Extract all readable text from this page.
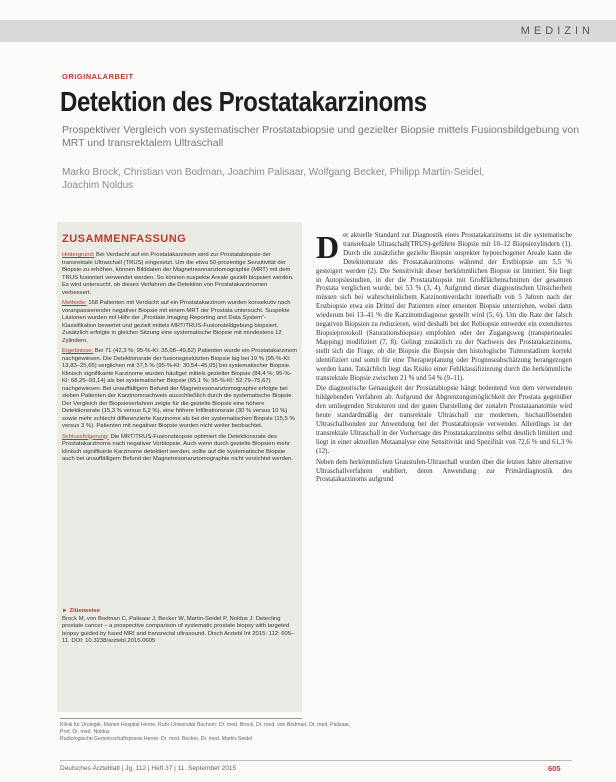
MEDIZIN
ORIGINALARBEIT
Detektion des Prostatakarzinoms
Prospektiver Vergleich von systematischer Prostatabiopsie und gezielter Biopsie mittels Fusionsbildgebung von MRT und transrektalem Ultraschall
Marko Brock, Christian von Bodman, Joachim Palisaar, Wolfgang Becker, Philipp Martin-Seidel, Joachim Noldus
ZUSAMMENFASSUNG

Hintergrund: Bei Verdacht auf ein Prostatakarzinom wird zur Prostatabiopsie der transrektale Ultraschall (TRUS) eingesetzt. Um die etwa 50-prozentige Sensitivität der Biopsie zu erhöhen, können Bilddaten der Magnetresonanztomographie (MRT) mit dem TRUS fusioniert verwendet werden. So können suspekte Areale gezielt biopsiert werden. Es wird untersucht, ob dieses Verfahren die Detektion von Prostatakarzinomen verbessert.

Methode: 168 Patienten mit Verdacht auf ein Prostatakarzinom wurden konsekutiv nach voranpassierender negativer Biopsie mit einem MRT der Prostata untersucht. Suspekte Läsionen wurden mit Hilfe der „Prostate Imaging Reporting and Data System“-Klassifikation bewertet und gezielt mittels MRT/TRUS-Fusionsbildgebung biopsiert. Zusätzlich erfolgte in gleicher Sitzung eine systematische Biopsie mit mindestens 12 Zylindern.

Ergebnisse: Bei 71 (42,3 %; 95-%-KI: 35,08–49,82) Patienten wurde ein Prostatakarzinom nachgewiesen. Die Detektionsrate der fusionsgestützten Biopsie lag bei 19 % (95-%-KI: 13,83–25,65) verglichen mit 37,5 % (95-%-KI: 30,54–45,05) bei systematischer Biopsie. Klinisch signifikante Karzinome wurden häufiger mittels gezielter Biopsie (84,4 %; 95-%-KI: 68,25–93,14) als bei systematischer Biopsie (65,1 %; 95-%-KI: 52,79–75,67) nachgewiesen. Bei unauffälligem Befund der Magnetresonanztomographie erfolgte bei sieben Patienten der Karzinomnachweis ausschließlich durch die systematische Biopsie. Der Vergleich der Biopsieverfahren zeigte für die gezielte Biopsie eine höhere Detektionsrate (15,3 % versus 6,2 %), eine höhere Infiltrationsrate (30 % versus 10 %) sowie mehr schlecht differenzierte Karzinome als bei der systematischen Biopsie (15,5 % versus 3 %). Patienten mit negativer Biopsie wurden nicht weiter beobachtet.

Schlussfolgerung: Die MRT/TRUS-Fusionsbiopsie optimiert die Detektionsrate des Prostatakarzinoms nach negativer Vorbiopsie. Auch wenn durch gezielte Biopsien mehr klinisch signifikante Karzinome detektiert werden, sollte auf die systematische Biopsie auch bei unauffälligem Befund der Magnetresonanztomographie nicht verzichtet werden.

► Zitierweise
Brock M, von Bodman C, Palisaar J, Becker W, Martin-Seidel P, Noldus J: Detecting prostate cancer – a prospective comparison of systematic prostate biopsy with targeted biopsy guided by fused MRI and transrectal ultrasound. Dtsch Arztebl Int 2015; 112: 605–11. DOI: 10.3238/arztebl.2015.0605

Der aktuelle Standard zur Diagnostik eines Prostatakarzinoms ist die systematische transrektale Ultraschall(TRUS)-geführte Biopsie mit 10–12 Biopsiezylindern (1). Durch die zusätzliche gezielte Biopsie suspekter hypoechogener Areale kann die Detektionsrate des Prostatakarzinoms während der Erstbiopsie um 5,5 % gesteigert werden (2). Die Sensitivität dieser herkömmlichen Biopsie ist limitiert. Sie liegt in Autopsiestudien, in der die Prostatabiopsie mit Großflächenschnitten der gesamten Prostata verglichen wurde, bei 53 % (3, 4). Aufgrund dieser diagnostischen Unsicherheit müssen sich bei wahrscheinlichem Karzinomverdacht innerhalb von 5 Jahren nach der Erstbiopsie etwa ein Drittel der Patienten einer erneuten Biopsie unterziehen, wobei dann wiederum bei 13–41 % die Karzinomdiagnose gestellt wird (5, 6). Um die Rate der falsch negativen Biopsien zu reduzieren, wird deshalb bei der Rebiopsie entweder ein extendiertes Biopsieprotokoll (Saturationsbiopsie) empfohlen oder der Zugangsweg (transperineales Mapping) modifiziert (7, 8). Gelingt zusätzlich zu der Nachweis des Prostatakarzinoms, stellt sich die Frage, ob die Biopsie die Biopsie den histologische Tumorstadium korrekt identifiziert und somit für eine Therapieplanung oder Prognoseabschätzung herangezogen werden kann. Tatsächlich liegt das Risiko einer Fehlklassifizierung durch die herkömmliche transrektale Biopsie zwischen 21 % und 54 % (9–11).

Die diagnostische Genauigkeit der Prostatabiopsie hängt bedeutend von dem verwendeten bildgebenden Verfahren ab. Aufgrund der Abgrenzungsmöglichkeit der Prostata gegenüber den umliegenden Strukturen und der guten Darstellung der zonalen Prostataanatomie wird heute standardmäßig der transrektale Ultraschall zur modernen, hochauflösenden Ultraschallsonden zur Anwendung bei der Prostatabiopsie verwendet. Allerdings ist der transrektale Ultraschall in der Vorhersage des Prostatakarzinoms selbst deutlich limitiert und liegt in einer aktuellen Metaanalyse eine Sensitivität und Spezifität von 72,6 % und 61,3 % (12).

Neben dem herkömmlichen Graustufen-Ultraschall wurden über die letzten Jahre alternative Ultraschallverfahren etabliert, deren Anwendung zur Primärdiagnostik des Prostatakarzinoms aufgrund

Klinik für Urologie, Marien Hospital Herne, Ruhr-Universität Bochum: Dr. med. Brock, Dr. med. von Bodman, Dr. med. Palisaar, Prof. Dr. med. Noldus
Radiologische Gemeinschaftspraxis Herne: Dr. med. Becker, Dr. med. Martin-Seidel
Deutsches Ärzteblatt | Jg. 112 | Heft 37 | 11. September 2015	605
